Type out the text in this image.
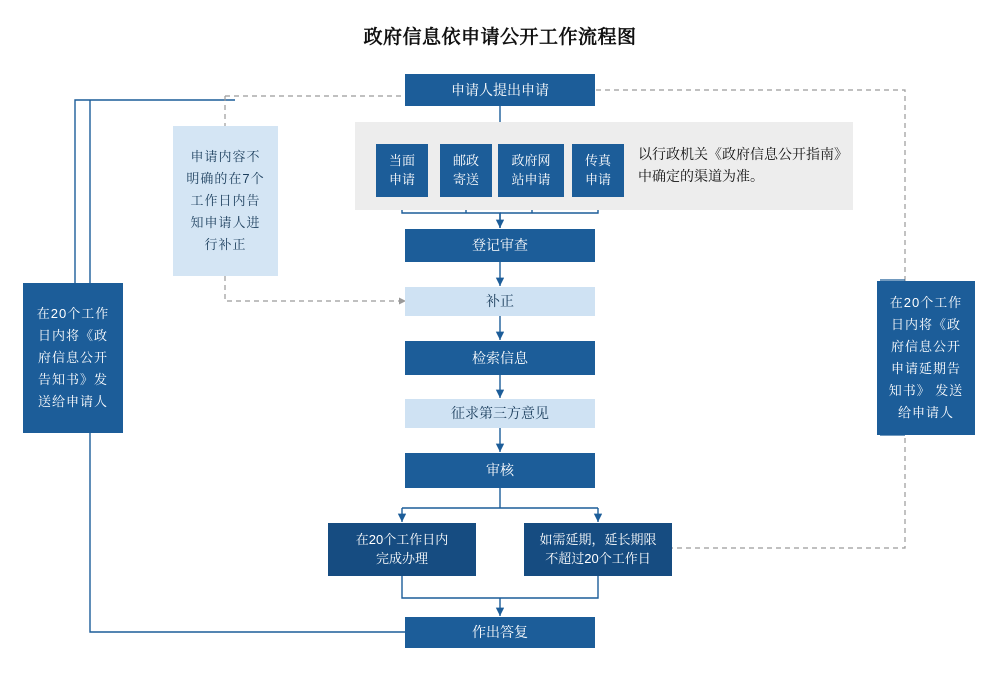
政府信息依申请公开工作流程图
申请人提出申请
当面
申请
邮政
寄送
政府网
站申请
传真
申请
以行政机关《政府信息公开指南》
中确定的渠道为准。
登记审查
补正
检索信息
征求第三方意见
审核
在20个工作日内
完成办理
如需延期，延长期限
不超过20个工作日
作出答复
申请内容不明确的在7个工作日内告知申请人进行补正
在20个工作日内将《政府信息公开告知书》发送给申请人
在20个工作日内将《政府信息公开申请延期告知书》 发送给申请人
